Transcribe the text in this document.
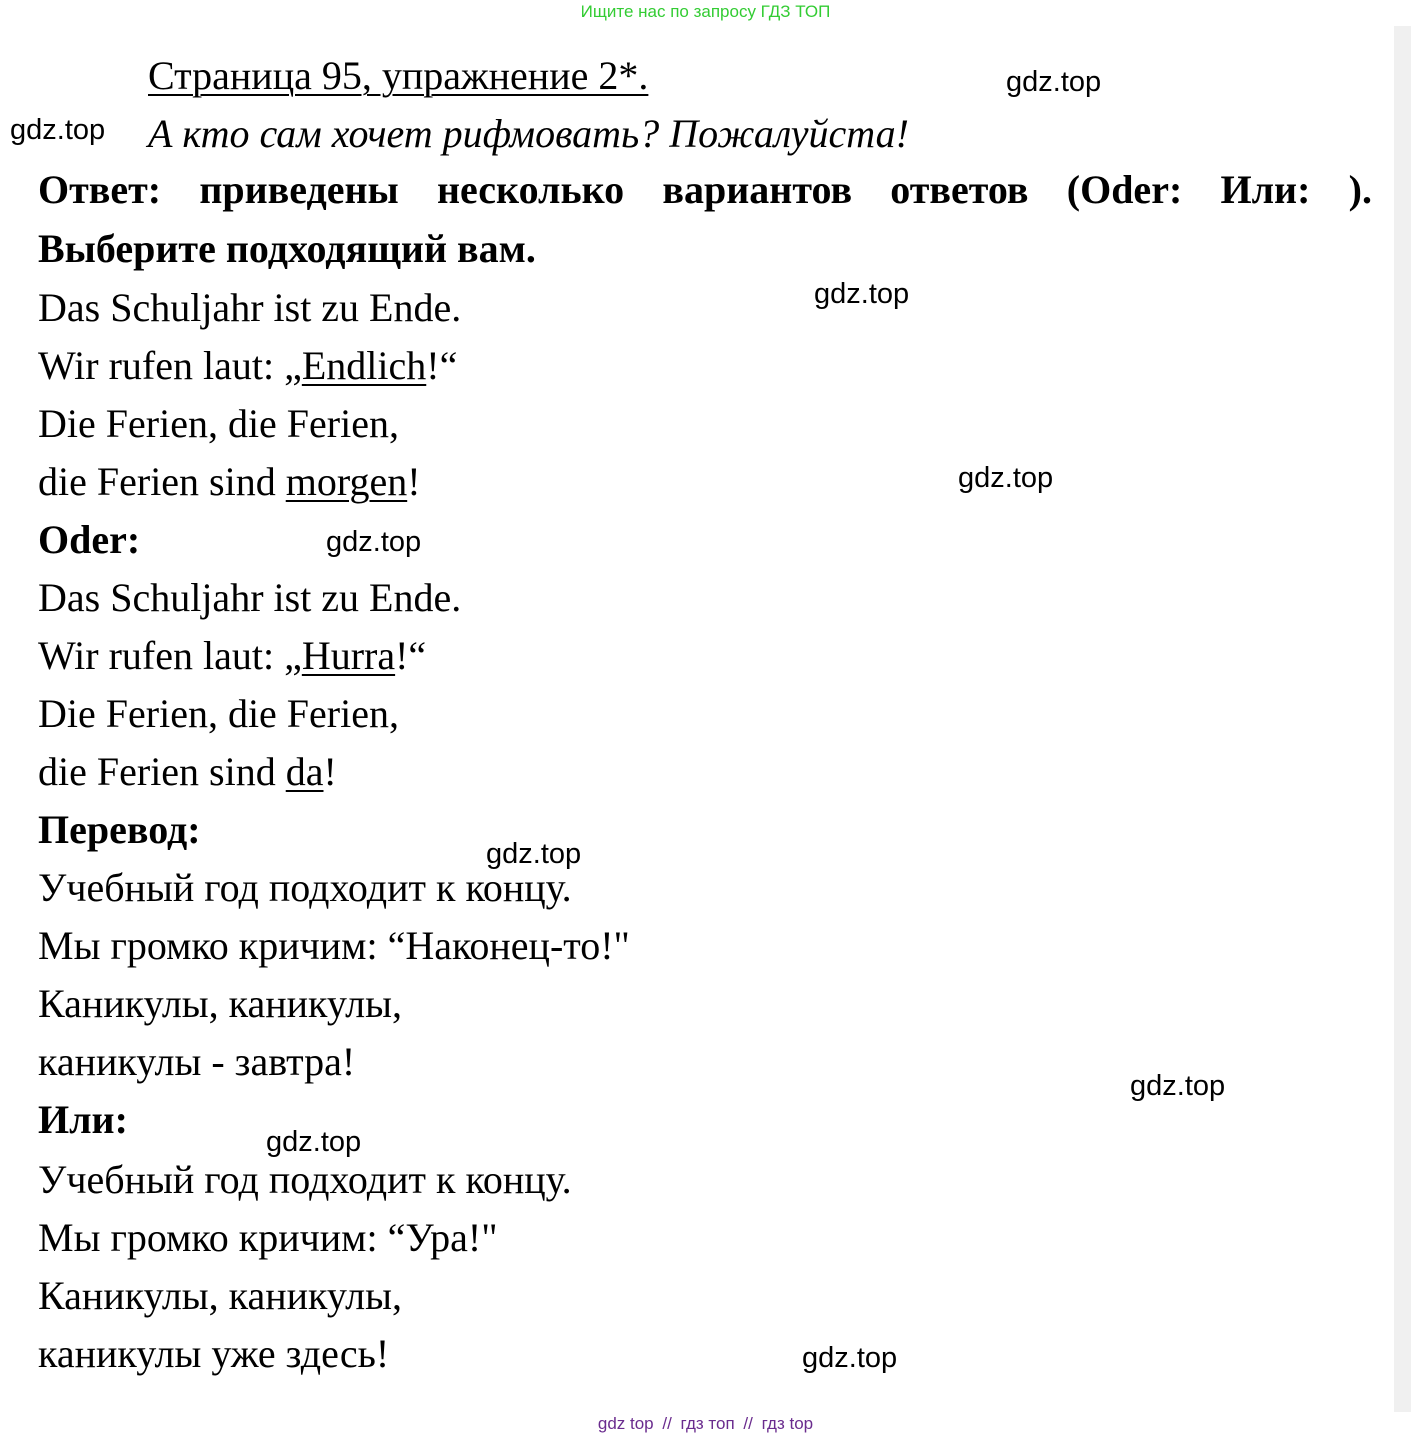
Ищите нас по запросу ГДЗ ТОП
Страница 95, упражнение 2*.
А кто сам хочет рифмовать? Пожалуйста!
gdz.top
gdz.top
Ответ: приведены несколько вариантов ответов (Oder: Или: ).
Выберите подходящий вам.
Das Schuljahr ist zu Ende.	gdz.top
Wir rufen laut: „Endlich!“
Die Ferien, die Ferien,
die Ferien sind morgen!	gdz.top
Oder:	gdz.top
Das Schuljahr ist zu Ende.
Wir rufen laut: „Hurra!“
Die Ferien, die Ferien,
die Ferien sind da!
Перевод:
gdz.top
Учебный год подходит к концу.
Мы громко кричим: “Наконец-то!"
Каникулы, каникулы,
каникулы - завтра!
gdz.top
Или:	gdz.top
Учебный год подходит к концу.
Мы громко кричим: “Ура!"
Каникулы, каникулы,
каникулы уже здесь!	gdz.top
gdz top // гдз топ // гдз top
